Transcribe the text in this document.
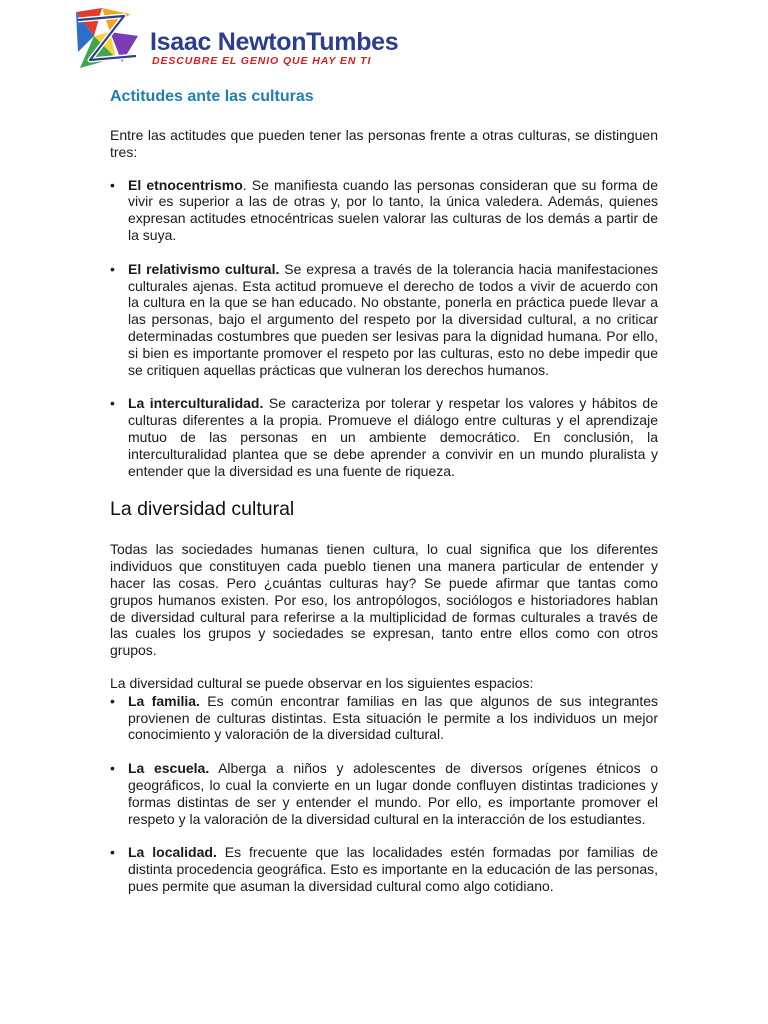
Isaac NewtonTumbes
DESCUBRE EL GENIO QUE HAY EN TI
Actitudes ante las culturas

Entre las actitudes que pueden tener las personas frente a otras culturas, se distinguen tres:

• El etnocentrismo. Se manifiesta cuando las personas consideran que su forma de vivir es superior a las de otras y, por lo tanto, la única valedera. Además, quienes expresan actitudes etnocéntricas suelen valorar las culturas de los demás a partir de la suya.

• El relativismo cultural. Se expresa a través de la tolerancia hacia manifestaciones culturales ajenas. Esta actitud promueve el derecho de todos a vivir de acuerdo con la cultura en la que se han educado. No obstante, ponerla en práctica puede llevar a las personas, bajo el argumento del respeto por la diversidad cultural, a no criticar determinadas costumbres que pueden ser lesivas para la dignidad humana. Por ello, si bien es importante promover el respeto por las culturas, esto no debe impedir que se critiquen aquellas prácticas que vulneran los derechos humanos.

• La interculturalidad. Se caracteriza por tolerar y respetar los valores y hábitos de culturas diferentes a la propia. Promueve el diálogo entre culturas y el aprendizaje mutuo de las personas en un ambiente democrático. En conclusión, la interculturalidad plantea que se debe aprender a convivir en un mundo pluralista y entender que la diversidad es una fuente de riqueza.

La diversidad cultural

Todas las sociedades humanas tienen cultura, lo cual significa que los diferentes individuos que constituyen cada pueblo tienen una manera particular de entender y hacer las cosas. Pero ¿cuántas culturas hay? Se puede afirmar que tantas como grupos humanos existen. Por eso, los antropólogos, sociólogos e historiadores hablan de diversidad cultural para referirse a la multiplicidad de formas culturales a través de las cuales los grupos y sociedades se expresan, tanto entre ellos como con otros grupos.

La diversidad cultural se puede observar en los siguientes espacios:

• La familia. Es común encontrar familias en las que algunos de sus integrantes provienen de culturas distintas. Esta situación le permite a los individuos un mejor conocimiento y valoración de la diversidad cultural.

• La escuela. Alberga a niños y adolescentes de diversos orígenes étnicos o geográficos, lo cual la convierte en un lugar donde confluyen distintas tradiciones y formas distintas de ser y entender el mundo. Por ello, es importante promover el respeto y la valoración de la diversidad cultural en la interacción de los estudiantes.

• La localidad. Es frecuente que las localidades estén formadas por familias de distinta procedencia geográfica. Esto es importante en la educación de las personas, pues permite que asuman la diversidad cultural como algo cotidiano.
